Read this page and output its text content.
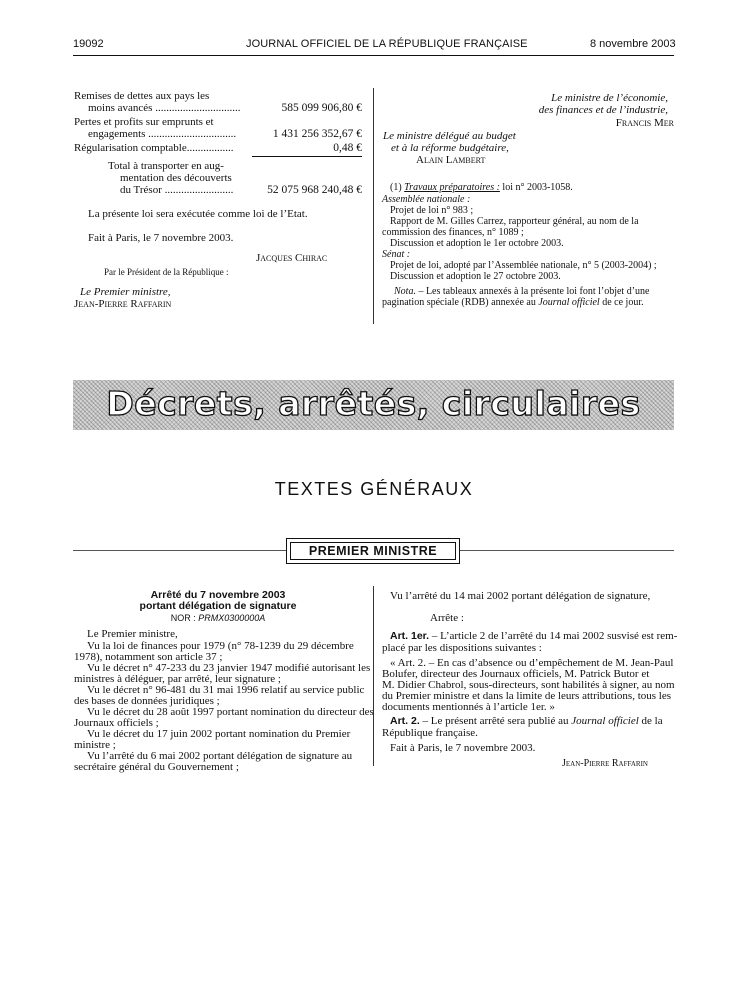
19092	JOURNAL OFFICIEL DE LA RÉPUBLIQUE FRANÇAISE	8 novembre 2003
Remises de dettes aux pays les
moins avancés ...............................	585 099 906,80 €
Pertes et profits sur emprunts et
engagements ................................	1 431 256 352,67 €
Régularisation comptable.................	0,48 €
Total à transporter en aug-
mentation des découverts
du Trésor .........................	52 075 968 240,48 €
La présente loi sera exécutée comme loi de l’Etat.
Fait à Paris, le 7 novembre 2003.
Jacques Chirac
Par le Président de la République :
Le Premier ministre,
Jean-Pierre Raffarin
Le ministre de l’économie,
des finances et de l’industrie,
Francis Mer
Le ministre délégué au budget
et à la réforme budgétaire,
Alain Lambert
(1) Travaux préparatoires : loi n° 2003-1058.
Assemblée nationale :
Projet de loi n° 983 ;
Rapport de M. Gilles Carrez, rapporteur général, au nom de la
commission des finances, n° 1089 ;
Discussion et adoption le 1er octobre 2003.
Sénat :
Projet de loi, adopté par l’Assemblée nationale, n° 5 (2003-2004) ;
Discussion et adoption le 27 octobre 2003.
Nota. – Les tableaux annexés à la présente loi font l’objet d’une
pagination spéciale (RDB) annexée au Journal officiel de ce jour.
Décrets, arrêtés, circulaires
TEXTES GÉNÉRAUX
PREMIER MINISTRE
Arrêté du 7 novembre 2003
portant délégation de signature
NOR : PRMX0300000A
Le Premier ministre,
Vu la loi de finances pour 1979 (n° 78-1239 du 29 décembre
1978), notamment son article 37 ;
Vu le décret n° 47-233 du 23 janvier 1947 modifié autorisant les
ministres à déléguer, par arrêté, leur signature ;
Vu le décret n° 96-481 du 31 mai 1996 relatif au service public
des bases de données juridiques ;
Vu le décret du 28 août 1997 portant nomination du directeur des
Journaux officiels ;
Vu le décret du 17 juin 2002 portant nomination du Premier
ministre ;
Vu l’arrêté du 6 mai 2002 portant délégation de signature au
secrétaire général du Gouvernement ;
Vu l’arrêté du 14 mai 2002 portant délégation de signature,
Arrête :
Art. 1er. – L’article 2 de l’arrêté du 14 mai 2002 susvisé est rem-
placé par les dispositions suivantes :
« Art. 2. – En cas d’absence ou d’empêchement de M. Jean-Paul
Bolufer, directeur des Journaux officiels, M. Patrick Butor et
M. Didier Chabrol, sous-directeurs, sont habilités à signer, au nom
du Premier ministre et dans la limite de leurs attributions, tous les
documents mentionnés à l’article 1er. »
Art. 2. – Le présent arrêté sera publié au Journal officiel de la
République française.
Fait à Paris, le 7 novembre 2003.
Jean-Pierre Raffarin
